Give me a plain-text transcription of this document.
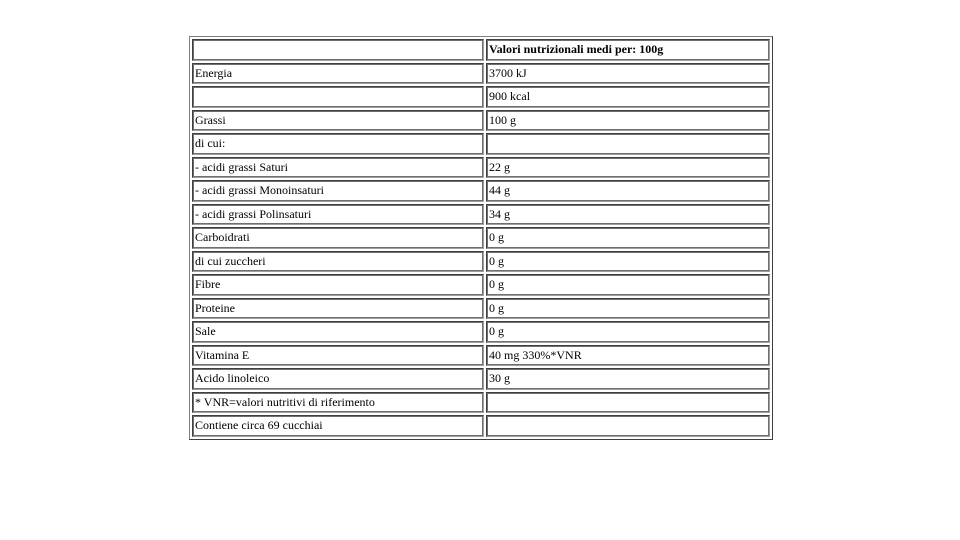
	Valori nutrizionali medi per: 100g
Energia	3700 kJ
	900 kcal
Grassi	100 g
di cui:	
- acidi grassi Saturi	22 g
- acidi grassi Monoinsaturi	44 g
- acidi grassi Polinsaturi	34 g
Carboidrati	0 g
di cui zuccheri	0 g
Fibre	0 g
Proteine	0 g
Sale	0 g
Vitamina E	40 mg 330%*VNR
Acido linoleico	30 g
* VNR=valori nutritivi di riferimento	
Contiene circa 69 cucchiai	
